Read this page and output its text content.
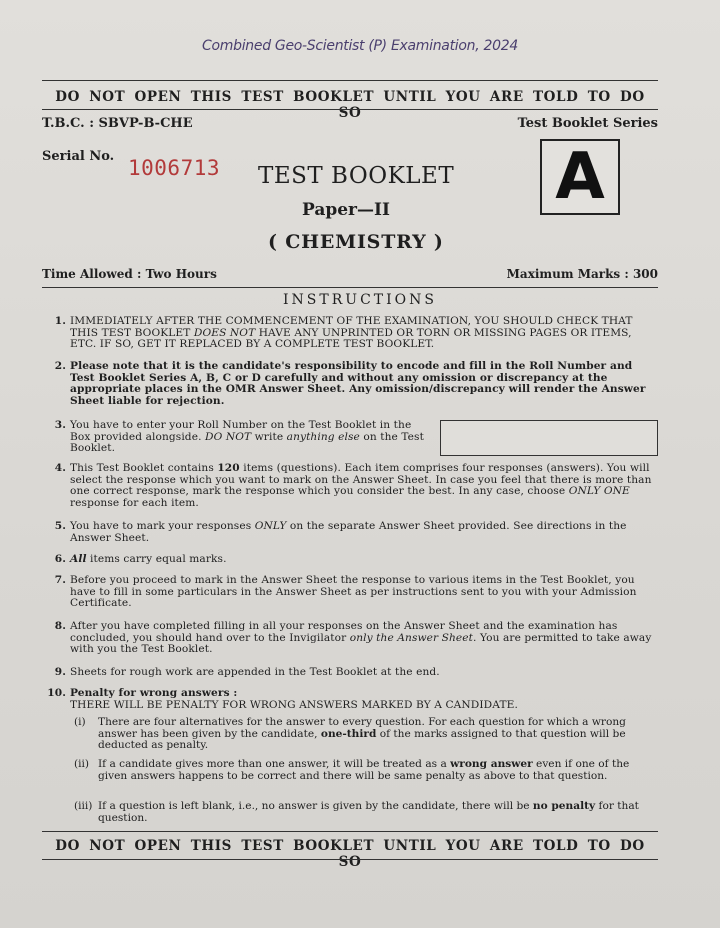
Combined Geo-Scientist (P) Examination, 2024
DO NOT OPEN THIS TEST BOOKLET UNTIL YOU ARE TOLD TO DO SO
T.B.C. : SBVP-B-CHE	Test Booklet Series
Serial No. 1006713 TEST BOOKLET
Paper—II
( CHEMISTRY )
A
Time Allowed : Two Hours	Maximum Marks : 300
INSTRUCTIONS
1. IMMEDIATELY AFTER THE COMMENCEMENT OF THE EXAMINATION, YOU SHOULD CHECK THAT THIS TEST BOOKLET DOES NOT HAVE ANY UNPRINTED OR TORN OR MISSING PAGES OR ITEMS, ETC. IF SO, GET IT REPLACED BY A COMPLETE TEST BOOKLET.
2. Please note that it is the candidate's responsibility to encode and fill in the Roll Number and Test Booklet Series A, B, C or D carefully and without any omission or discrepancy at the appropriate places in the OMR Answer Sheet. Any omission/discrepancy will render the Answer Sheet liable for rejection.
3. You have to enter your Roll Number on the Test Booklet in the Box provided alongside. DO NOT write anything else on the Test Booklet.
4. This Test Booklet contains 120 items (questions). Each item comprises four responses (answers). You will select the response which you want to mark on the Answer Sheet. In case you feel that there is more than one correct response, mark the response which you consider the best. In any case, choose ONLY ONE response for each item.
5. You have to mark your responses ONLY on the separate Answer Sheet provided. See directions in the Answer Sheet.
6. All items carry equal marks.
7. Before you proceed to mark in the Answer Sheet the response to various items in the Test Booklet, you have to fill in some particulars in the Answer Sheet as per instructions sent to you with your Admission Certificate.
8. After you have completed filling in all your responses on the Answer Sheet and the examination has concluded, you should hand over to the Invigilator only the Answer Sheet. You are permitted to take away with you the Test Booklet.
9. Sheets for rough work are appended in the Test Booklet at the end.
10. Penalty for wrong answers :
THERE WILL BE PENALTY FOR WRONG ANSWERS MARKED BY A CANDIDATE.
(i) There are four alternatives for the answer to every question. For each question for which a wrong answer has been given by the candidate, one-third of the marks assigned to that question will be deducted as penalty.
(ii) If a candidate gives more than one answer, it will be treated as a wrong answer even if one of the given answers happens to be correct and there will be same penalty as above to that question.
(iii) If a question is left blank, i.e., no answer is given by the candidate, there will be no penalty for that question.
DO NOT OPEN THIS TEST BOOKLET UNTIL YOU ARE TOLD TO DO SO
